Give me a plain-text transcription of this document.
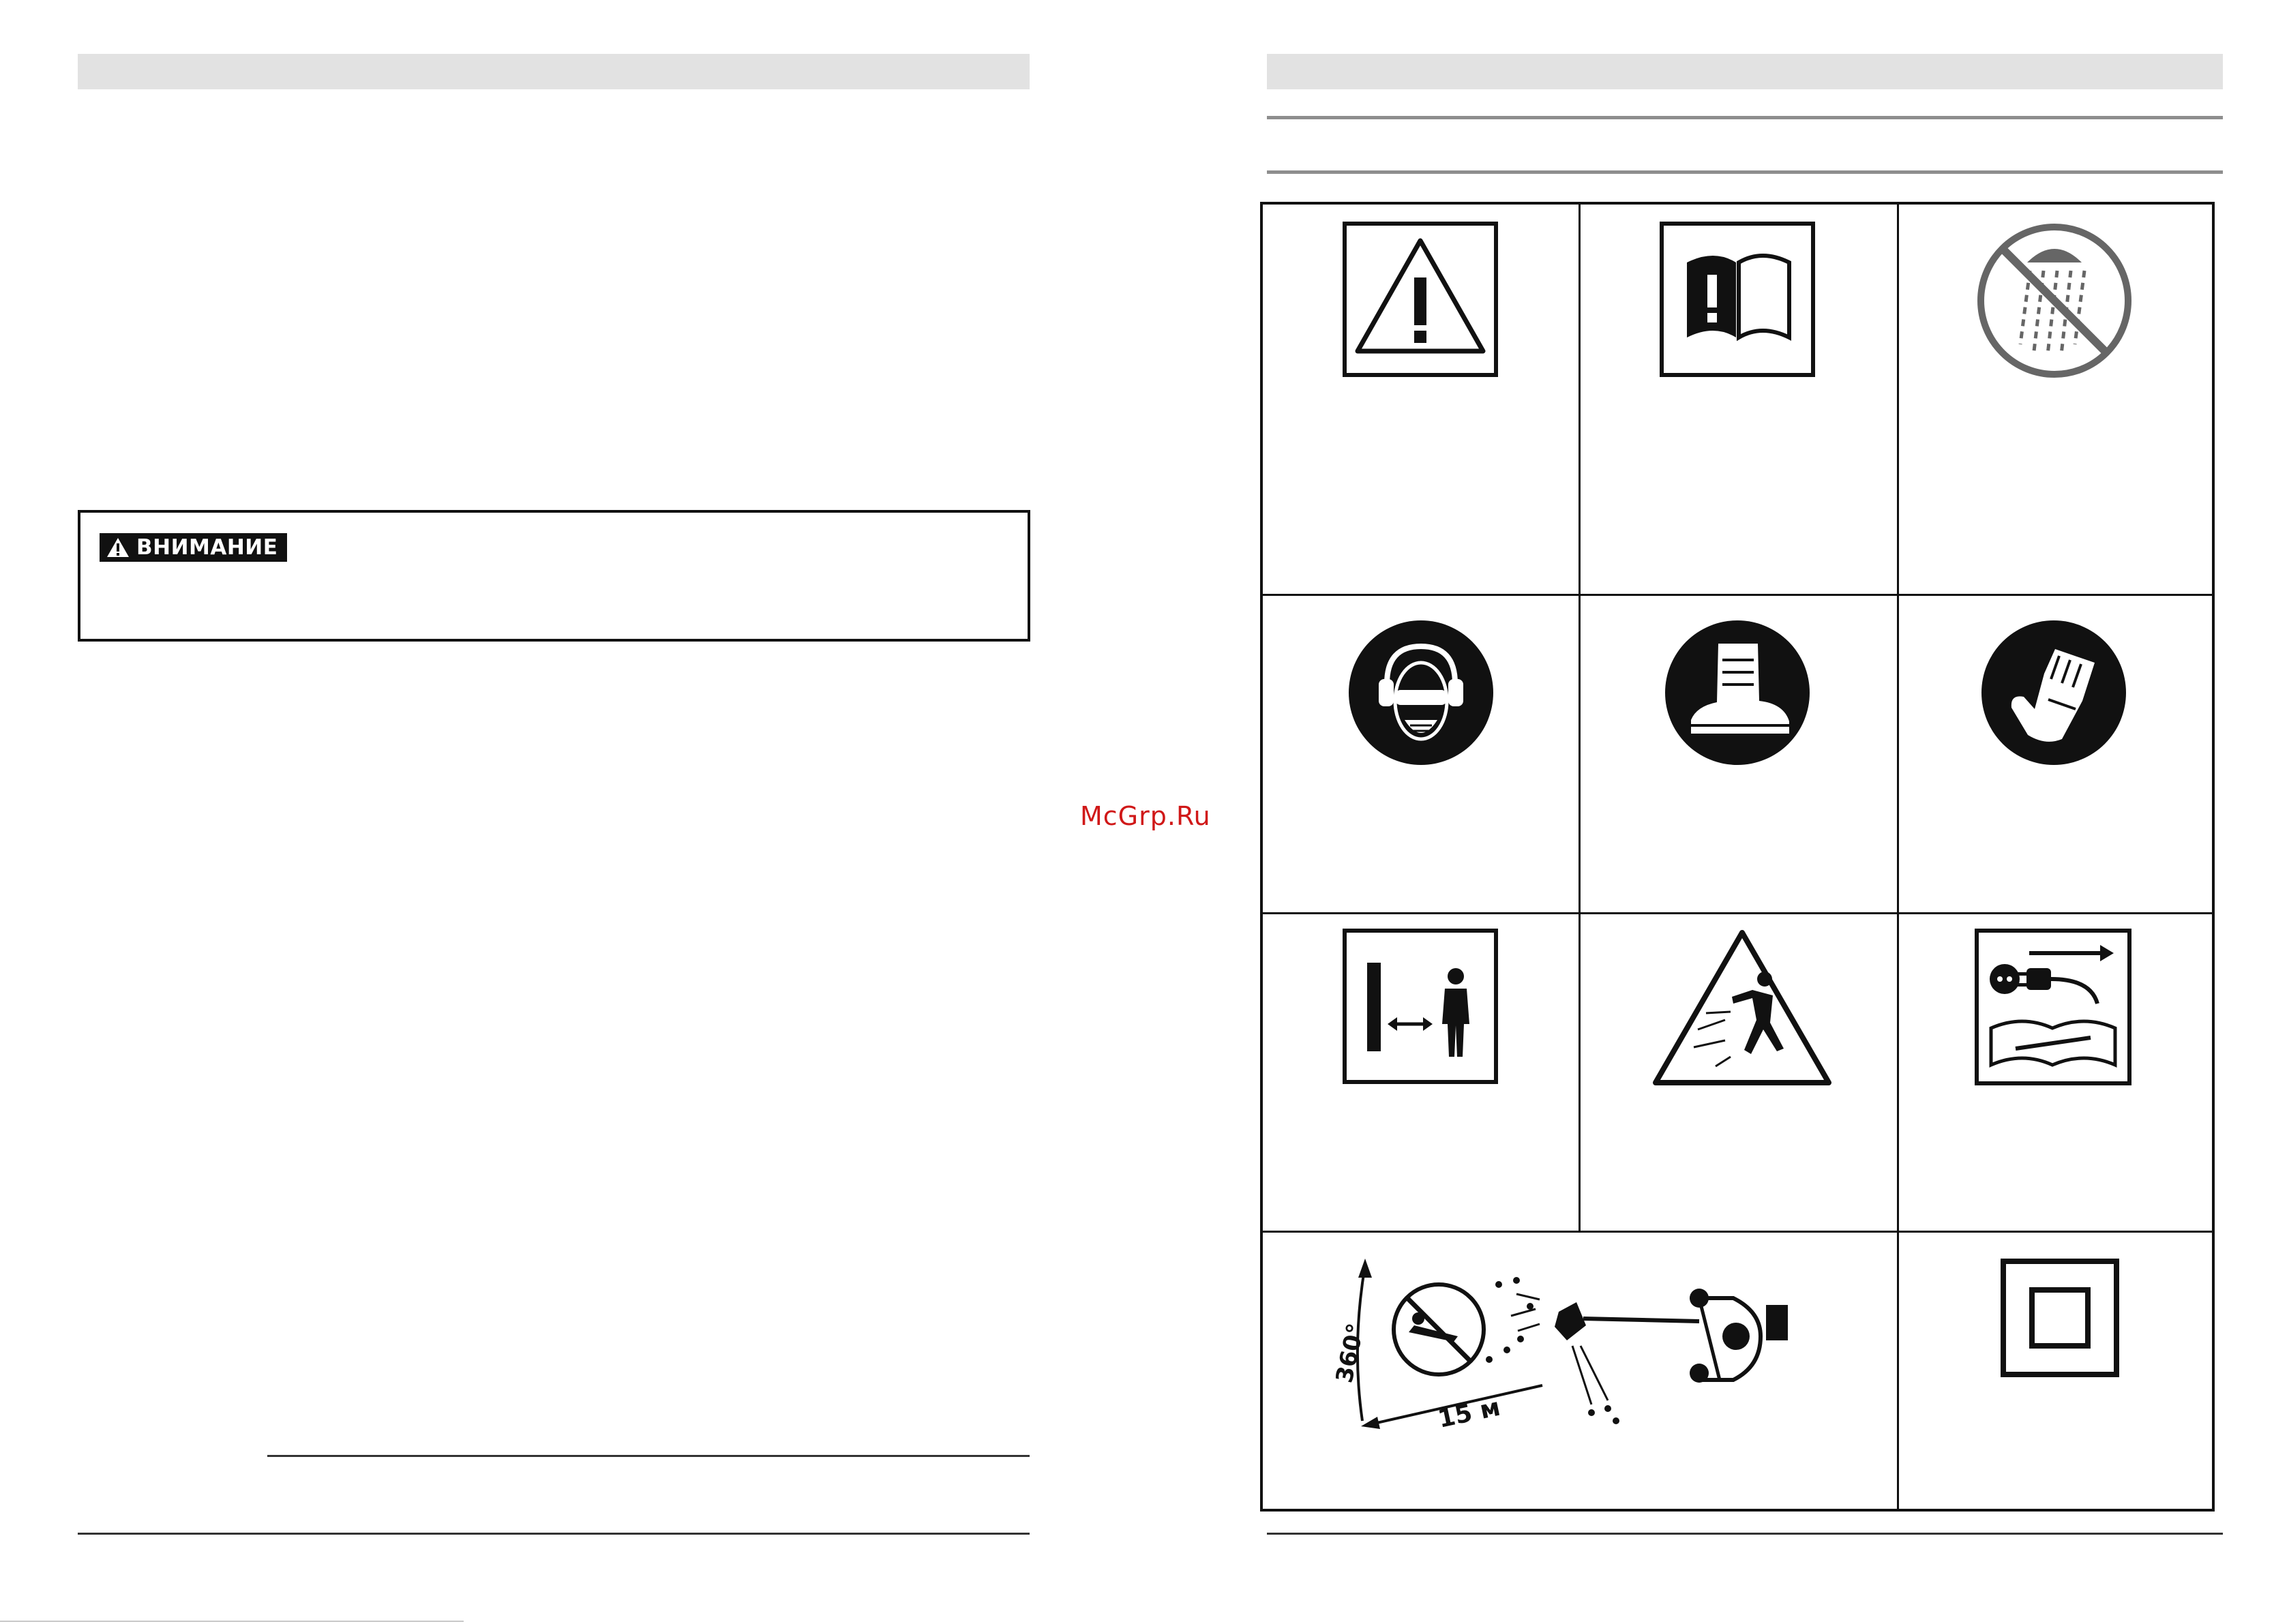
ВНИМАНИЕ
McGrp.Ru
360°
15 м
